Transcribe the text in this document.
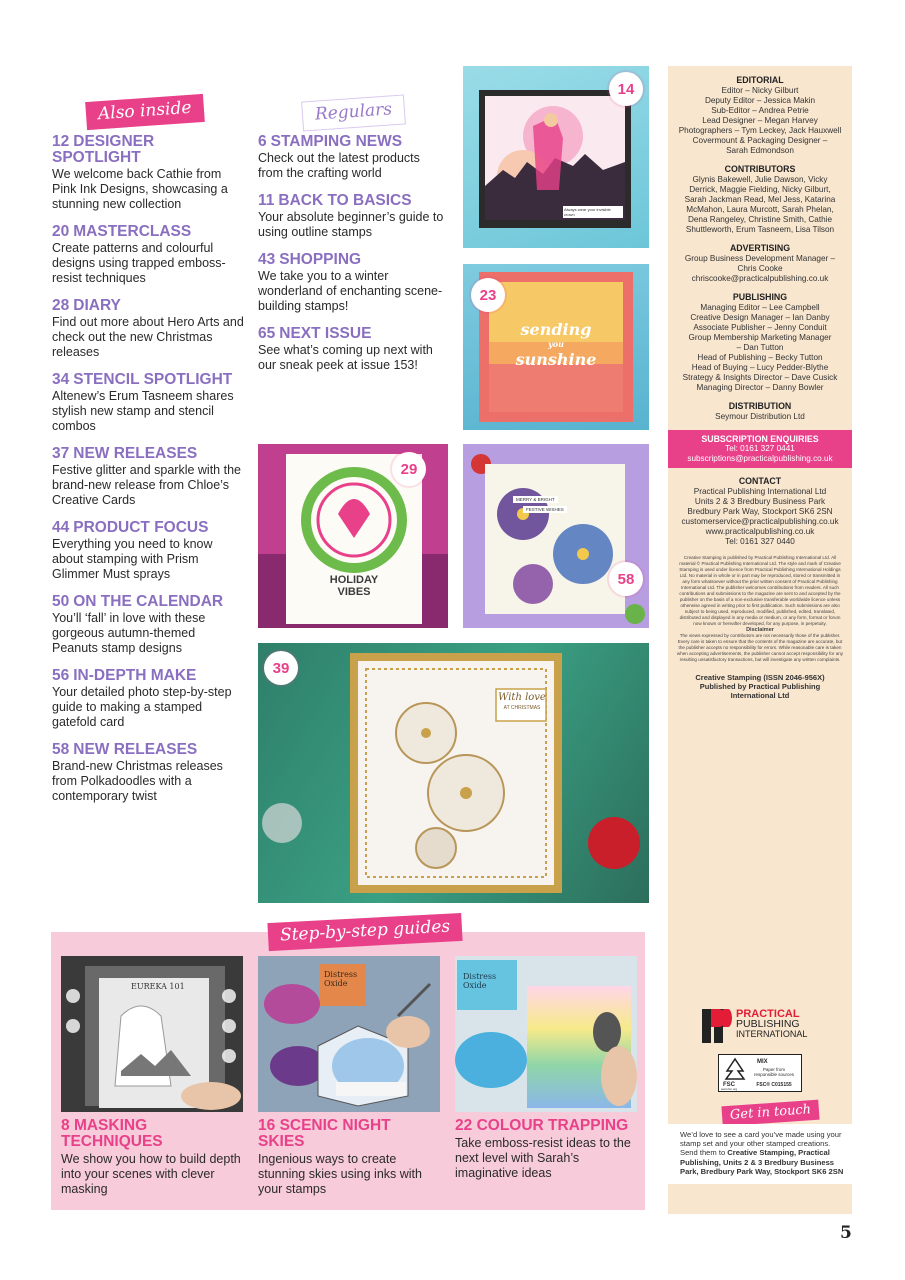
Also inside
12 DESIGNER SPOTLIGHT
We welcome back Cathie from Pink Ink Designs, showcasing a stunning new collection
20 MASTERCLASS
Create patterns and colourful designs using trapped emboss-resist techniques
28 DIARY
Find out more about Hero Arts and check out the new Christmas releases
34 STENCIL SPOTLIGHT
Altenew’s Erum Tasneem shares stylish new stamp and stencil combos
37 NEW RELEASES
Festive glitter and sparkle with the brand-new release from Chloe’s Creative Cards
44 PRODUCT FOCUS
Everything you need to know about stamping with Prism Glimmer Must sprays
50 ON THE CALENDAR
You’ll ‘fall’ in love with these gorgeous autumn-themed Peanuts stamp designs
56 IN-DEPTH MAKE
Your detailed photo step-by-step guide to making a stamped gatefold card
58 NEW RELEASES
Brand-new Christmas releases from Polkadoodles with a contemporary twist
Regulars
6 STAMPING NEWS
Check out the latest products from the crafting world
11 BACK TO BASICS
Your absolute beginner’s guide to using outline stamps
43 SHOPPING
We take you to a winter wonderland of enchanting scene-building stamps!
65 NEXT ISSUE
See what’s coming up next with our sneak peek at issue 153!
Always wear your invisible crown
14
sending
you
sunshine
23
HOLIDAY
VIBES
29
MERRY & BRIGHT
FESTIVE WISHES
58
With love
AT CHRISTMAS
39
Step-by-step guides
EUREKA 101
Distress Oxide
Distress Oxide
8 MASKING TECHNIQUES
We show you how to build depth into your scenes with clever masking
16 SCENIC NIGHT SKIES
Ingenious ways to create stunning skies using inks with your stamps
22 COLOUR TRAPPING
Take emboss-resist ideas to the next level with Sarah’s imaginative ideas
EDITORIAL
Editor – Nicky Gilburt
Deputy Editor – Jessica Makin
Sub-Editor – Andrea Petrie
Lead Designer – Megan Harvey
Photographers – Tym Leckey, Jack Hauxwell
Covermount & Packaging Designer –
Sarah Edmondson
CONTRIBUTORS
Glynis Bakewell, Julie Dawson, Vicky
Derrick, Maggie Fielding, Nicky Gilburt,
Sarah Jackman Read, Mel Jess, Katarina
McMahon, Laura Murcott, Sarah Phelan,
Dena Rangeley, Christine Smith, Cathie
Shuttleworth, Erum Tasneem, Lisa Tilson
ADVERTISING
Group Business Development Manager –
Chris Cooke
chriscooke@practicalpublishing.co.uk
PUBLISHING
Managing Editor – Lee Campbell
Creative Design Manager – Ian Danby
Associate Publisher – Jenny Conduit
Group Membership Marketing Manager
– Dan Tutton
Head of Publishing – Becky Tutton
Head of Buying – Lucy Pedder-Blythe
Strategy & Insights Director – Dave Cusick
Managing Director – Danny Bowler
DISTRIBUTION
Seymour Distribution Ltd
SUBSCRIPTION ENQUIRIES
Tel: 0161 327 0441
subscriptions@practicalpublishing.co.uk
CONTACT
Practical Publishing International Ltd
Units 2 & 3 Bredbury Business Park
Bredbury Park Way, Stockport SK6 2SN
customerservice@practicalpublishing.co.uk
www.practicalpublishing.co.uk
Tel: 0161 327 0440
Creative Stamping is published by Practical Publishing International Ltd. All material © Practical Publishing International Ltd. The style and mark of Creative Stamping is used under licence from Practical Publishing International Holdings Ltd. No material in whole or in part may be reproduced, stored or transmitted in any form whatsoever without the prior written consent of Practical Publishing International Ltd. The publisher welcomes contributions from readers. All such contributions and submissions to the magazine are sent to and accepted by the publisher on the basis of a non-exclusive transferable worldwide licence unless otherwise agreed in writing prior to first publication. Such submissions are also subject to being used, reproduced, modified, published, edited, translated, distributed and displayed in any media or medium, or any form, format or forum now known or hereafter developed, for any purpose, in perpetuity.
Disclaimer
The views expressed by contributors are not necessarily those of the publisher. Every care is taken to ensure that the contents of the magazine are accurate, but the publisher accepts no responsibility for errors. While reasonable care is taken when accepting advertisements, the publisher cannot accept responsibility for any resulting unsatisfactory transactions, but will investigate any written complaints.
Creative Stamping (ISSN 2046-956X) Published by Practical Publishing International Ltd
PRACTICAL
PUBLISHING
INTERNATIONAL
FSC
www.fsc.org
MIX
Paper from responsible sources
FSC® C015155
Get in touch
We’d love to see a card you’ve made using your stamp set and your other stamped creations. Send them to Creative Stamping, Practical Publishing, Units 2 & 3 Bredbury Business Park, Bredbury Park Way, Stockport SK6 2SN
5
